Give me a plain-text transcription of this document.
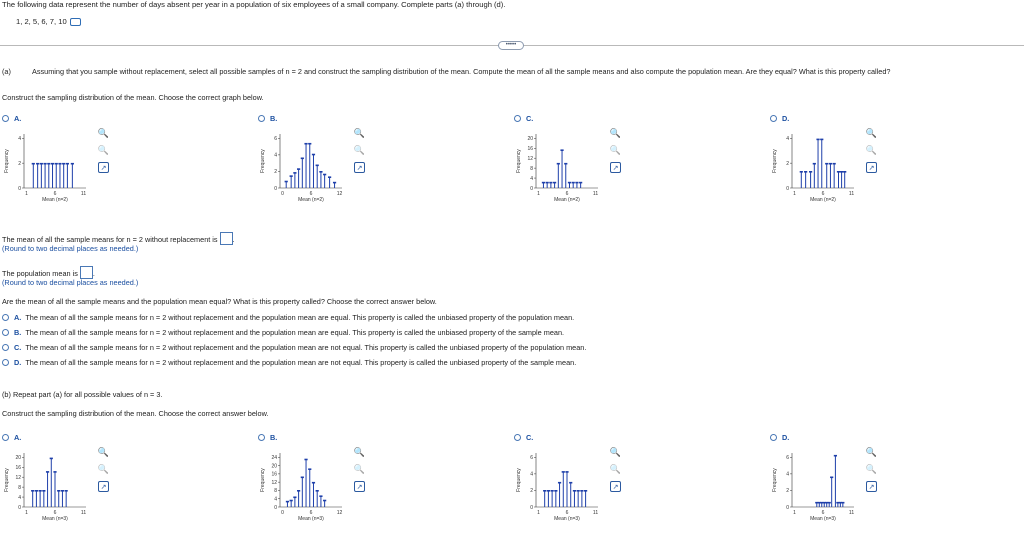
The following data represent the number of days absent per year in a population of six employees of a small company. Complete parts (a) through (d).
1, 2, 5, 6, 7, 10
•••••
(a)	Assuming that you sample without replacement, select all possible samples of n = 2 and construct the sampling distribution of the mean. Compute the mean of all the sample means and also compute the population mean. Are they equal? What is this property called?
Construct the sampling distribution of the mean. Choose the correct graph below.
A.
Frequency
0
2
4
1	6	11
Mean (n=2)
🔍
🔍
↗
B.
Frequency
0
2
4
6
0	6	12
Mean (n=2)
🔍
🔍
↗
C.
Frequency
0
4
8
12
16
20
1	6	11
Mean (n=2)
🔍
🔍
↗
D.
Frequency
0
2
4
1	6	11
Mean (n=2)
🔍
🔍
↗
The mean of all the sample means for n = 2 without replacement is .
(Round to two decimal places as needed.)
The population mean is .
(Round to two decimal places as needed.)
Are the mean of all the sample means and the population mean equal? What is this property called? Choose the correct answer below.
A. The mean of all the sample means for n = 2 without replacement and the population mean are equal. This property is called the unbiased property of the population mean.
B. The mean of all the sample means for n = 2 without replacement and the population mean are equal. This property is called the unbiased property of the sample mean.
C. The mean of all the sample means for n = 2 without replacement and the population mean are not equal. This property is called the unbiased property of the population mean.
D. The mean of all the sample means for n = 2 without replacement and the population mean are not equal. This property is called the unbiased property of the sample mean.
(b) Repeat part (a) for all possible values of n = 3.
Construct the sampling distribution of the mean. Choose the correct answer below.
A.
Frequency
0
4
8
12
16
20
1	6	11
Mean (n=3)
🔍
🔍
↗
B.
Frequency
0
4
8
12
16
20
24
0	6	12
Mean (n=3)
🔍
🔍
↗
C.
Frequency
0
2
4
6
1	6	11
Mean (n=3)
🔍
🔍
↗
D.
Frequency
0
2
4
6
1	6	11
Mean (n=3)
🔍
🔍
↗
